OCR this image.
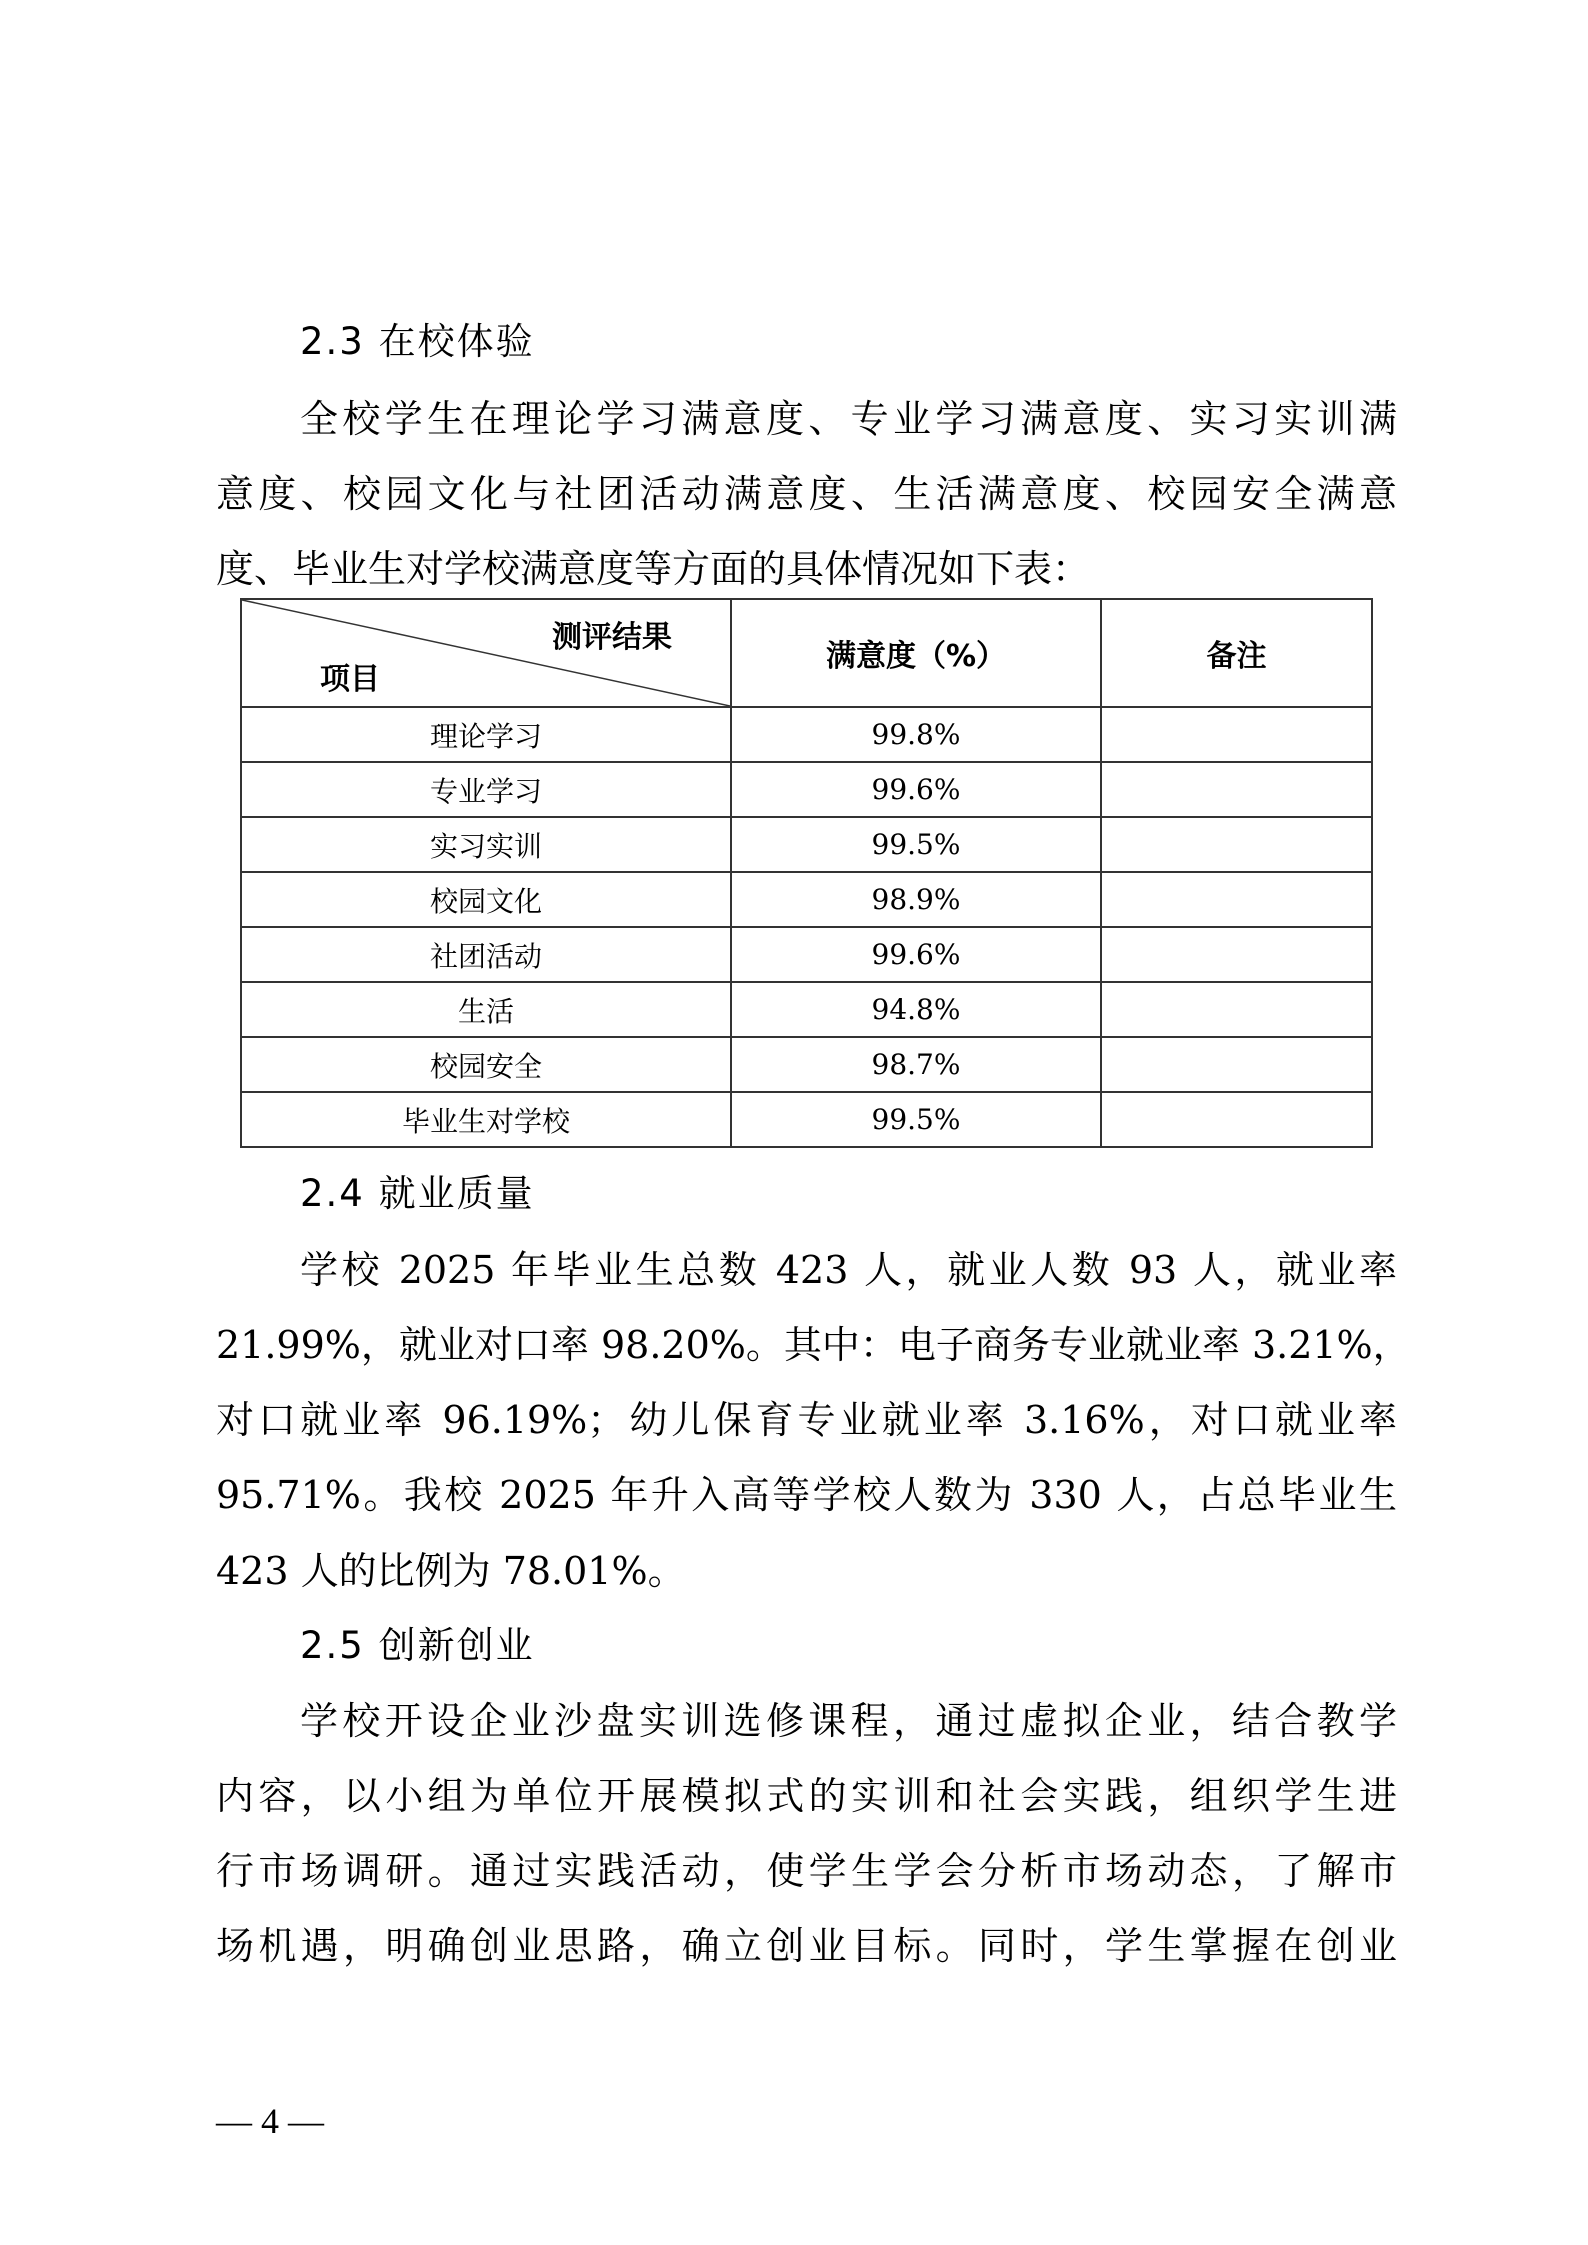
2.3 在校体验
全校学生在理论学习满意度、专业学习满意度、实习实训满
意度、校园文化与社团活动满意度、生活满意度、校园安全满意
度、毕业生对学校满意度等方面的具体情况如下表：
测评结果
项目	满意度（%）	备注
理论学习	99.8%	
专业学习	99.6%	
实习实训	99.5%	
校园文化	98.9%	
社团活动	99.6%	
生活	94.8%	
校园安全	98.7%	
毕业生对学校	99.5%	
2.4 就业质量
学校 2025 年毕业生总数 423 人，就业人数 93 人，就业率
21.99%，就业对口率 98.20%。其中：电子商务专业就业率 3.21%，
对口就业率 96.19%；幼儿保育专业就业率 3.16%，对口就业率
95.71%。我校 2025 年升入高等学校人数为 330 人，占总毕业生
423 人的比例为 78.01%。
2.5 创新创业
学校开设企业沙盘实训选修课程，通过虚拟企业，结合教学
内容，以小组为单位开展模拟式的实训和社会实践，组织学生进
行市场调研。通过实践活动，使学生学会分析市场动态，了解市
场机遇，明确创业思路，确立创业目标。同时，学生掌握在创业
— 4 —
